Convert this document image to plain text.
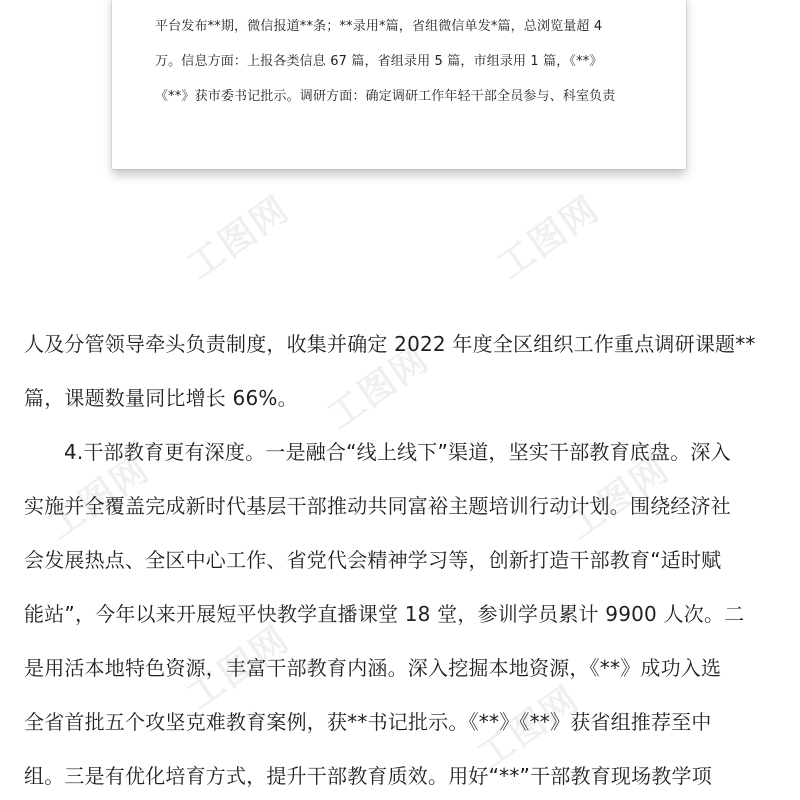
平台发布**期，微信报道**条；**录用*篇，省组微信单发*篇，总浏览量超 4
万。信息方面：上报各类信息 67 篇，省组录用 5 篇，市组录用 1 篇，《**》
《**》获市委书记批示。调研方面：确定调研工作年轻干部全员参与、科室负责
工图网	工图网
工图网
工图网	工图网
工图网
工图网
人及分管领导牵头负责制度，收集并确定 2022 年度全区组织工作重点调研课题**
篇，课题数量同比增长 66%。
4.干部教育更有深度。一是融合“线上线下”渠道，坚实干部教育底盘。深入
实施并全覆盖完成新时代基层干部推动共同富裕主题培训行动计划。围绕经济社
会发展热点、全区中心工作、省党代会精神学习等，创新打造干部教育“适时赋
能站”，今年以来开展短平快教学直播课堂 18 堂，参训学员累计 9900 人次。二
是用活本地特色资源，丰富干部教育内涵。深入挖掘本地资源，《**》成功入选
全省首批五个攻坚克难教育案例，获**书记批示。《**》《**》获省组推荐至中
组。三是有优化培育方式，提升干部教育质效。用好“**”干部教育现场教学项
